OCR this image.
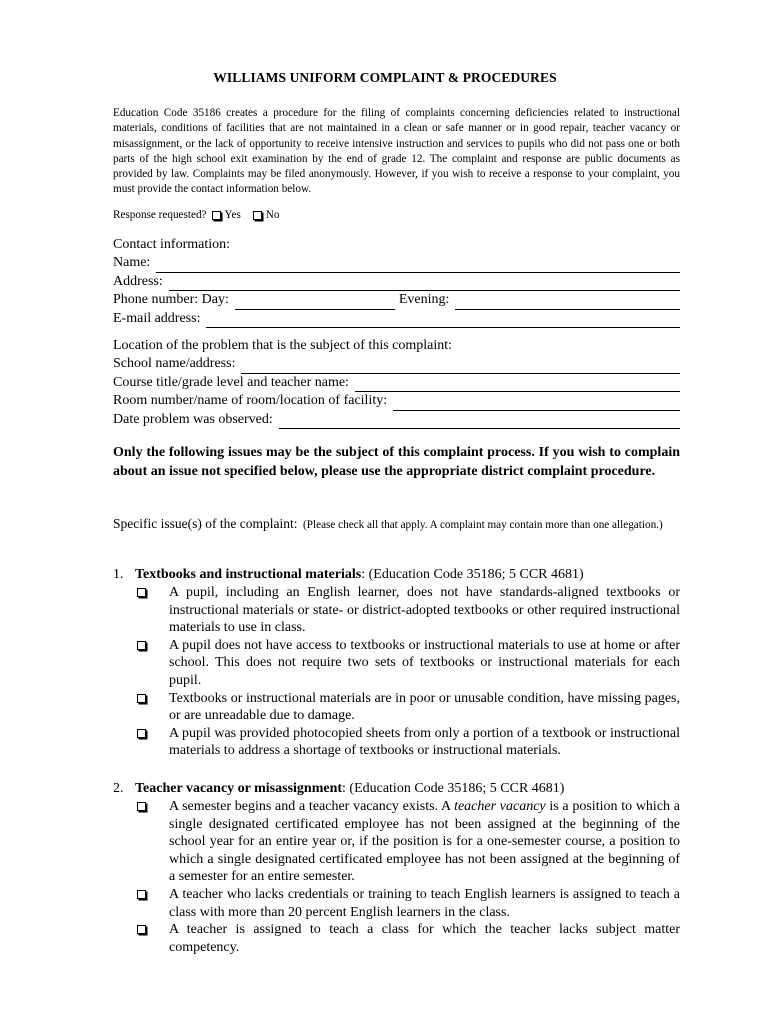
WILLIAMS UNIFORM COMPLAINT & PROCEDURES

Education Code 35186 creates a procedure for the filing of complaints concerning deficiencies related to instructional materials, conditions of facilities that are not maintained in a clean or safe manner or in good repair, teacher vacancy or misassignment, or the lack of opportunity to receive intensive instruction and services to pupils who did not pass one or both parts of the high school exit examination by the end of grade 12. The complaint and response are public documents as provided by law. Complaints may be filed anonymously. However, if you wish to receive a response to your complaint, you must provide the contact information below.

Response requested? Yes No
Contact information:
Name:
Address:
Phone number: Day:	Evening:
E-mail address:
Location of the problem that is the subject of this complaint:
School name/address:
Course title/grade level and teacher name:
Room number/name of room/location of facility:
Date problem was observed:

Only the following issues may be the subject of this complaint process. If you wish to complain about an issue not specified below, please use the appropriate district complaint procedure.

Specific issue(s) of the complaint: (Please check all that apply. A complaint may contain more than one allegation.)
1. Textbooks and instructional materials : (Education Code 35186; 5 CCR 4681)

A pupil, including an English learner, does not have standards-aligned textbooks or instructional materials or state- or district-adopted textbooks or other required instructional materials to use in class.

A pupil does not have access to textbooks or instructional materials to use at home or after school. This does not require two sets of textbooks or instructional materials for each pupil.

Textbooks or instructional materials are in poor or unusable condition, have missing pages, or are unreadable due to damage.

A pupil was provided photocopied sheets from only a portion of a textbook or instructional materials to address a shortage of textbooks or instructional materials.

2. Teacher vacancy or misassignment : (Education Code 35186; 5 CCR 4681)

A semester begins and a teacher vacancy exists. A teacher vacancy is a position to which a single designated certificated employee has not been assigned at the beginning of the school year for an entire year or, if the position is for a one-semester course, a position to which a single designated certificated employee has not been assigned at the beginning of a semester for an entire semester.

A teacher who lacks credentials or training to teach English learners is assigned to teach a class with more than 20 percent English learners in the class.

A teacher is assigned to teach a class for which the teacher lacks subject matter competency.
